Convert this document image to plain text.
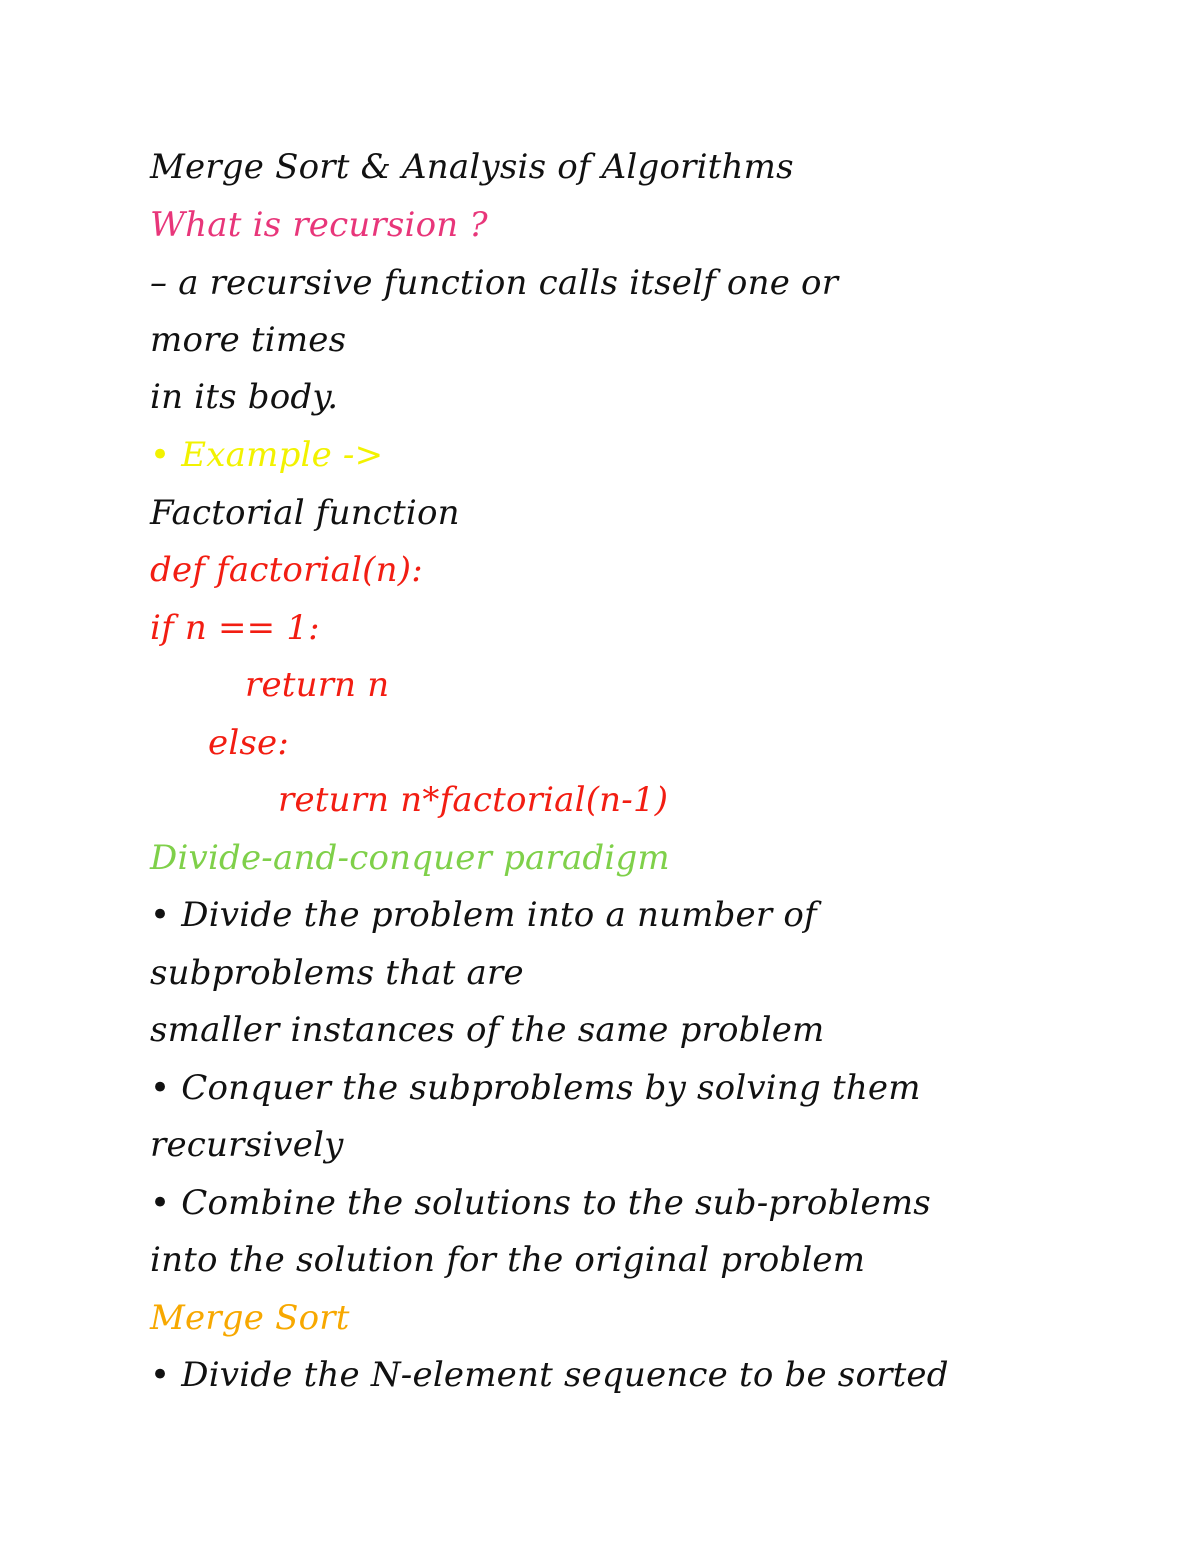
Merge Sort & Analysis of Algorithms
What is recursion ?
– a recursive function calls itself one or
more times
in its body.
• Example ->
Factorial function
def factorial(n):
if n == 1:
return n
else:
return n*factorial(n-1)
Divide-and-conquer paradigm
• Divide the problem into a number of
subproblems that are
smaller instances of the same problem
• Conquer the subproblems by solving them
recursively
• Combine the solutions to the sub-problems
into the solution for the original problem
Merge Sort
• Divide the N-element sequence to be sorted
